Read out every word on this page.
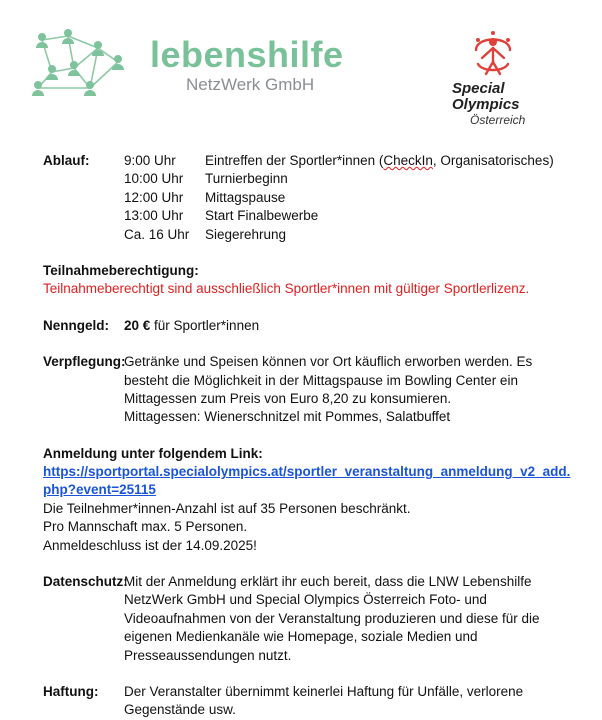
lebenshilfe
NetzWerk GmbH	Special
Olympics
Österreich
Ablauf:	9:00 Uhr Eintreffen der Sportler*innen (CheckIn, Organisatorisches)
10:00 Uhr Turnierbeginn
12:00 Uhr Mittagspause
13:00 Uhr Start Finalbewerbe
Ca. 16 Uhr Siegerehrung
Teilnahmeberechtigung:
Teilnahmeberechtigt sind ausschließlich Sportler*innen mit gültiger Sportlerlizenz.
Nenngeld:	20 € für Sportler*innen
Verpflegung:
Getränke und Speisen können vor Ort käuflich erworben werden. Es
besteht die Möglichkeit in der Mittagspause im Bowling Center ein
Mittagessen zum Preis von Euro 8,20 zu konsumieren.
Mittagessen: Wienerschnitzel mit Pommes, Salatbuffet
Anmeldung unter folgendem Link:
https://sportportal.specialolympics.at/sportler_veranstaltung_anmeldung_v2_add.
php?event=25115
Die Teilnehmer*innen-Anzahl ist auf 35 Personen beschränkt.
Pro Mannschaft max. 5 Personen.
Anmeldeschluss ist der 14.09.2025!
Datenschutz:
Mit der Anmeldung erklärt ihr euch bereit, dass die LNW Lebenshilfe
NetzWerk GmbH und Special Olympics Österreich Foto- und
Videoaufnahmen von der Veranstaltung produzieren und diese für die
eigenen Medienkanäle wie Homepage, soziale Medien und
Presseaussendungen nutzt.
Haftung:	Der Veranstalter übernimmt keinerlei Haftung für Unfälle, verlorene
Gegenstände usw.
